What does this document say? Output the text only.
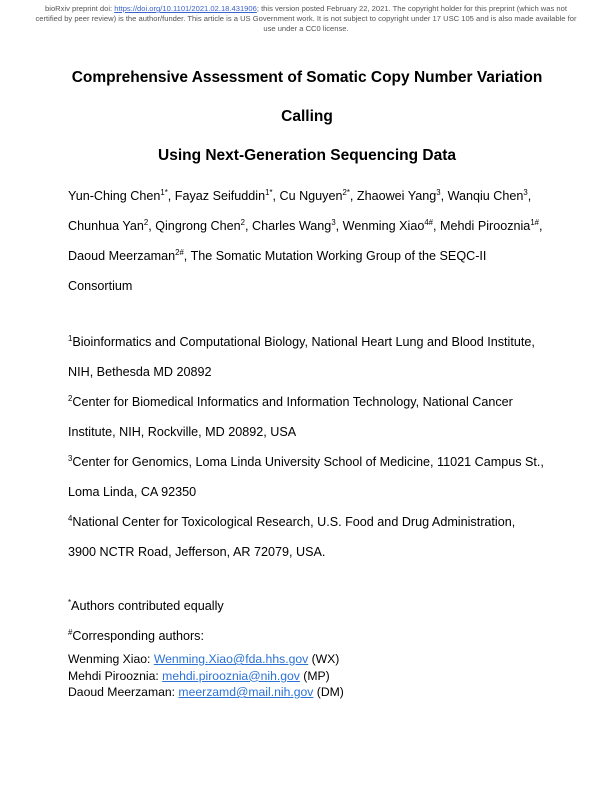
bioRxiv preprint doi: https://doi.org/10.1101/2021.02.18.431906; this version posted February 22, 2021. The copyright holder for this preprint (which was not certified by peer review) is the author/funder. This article is a US Government work. It is not subject to copyright under 17 USC 105 and is also made available for use under a CC0 license.
Comprehensive Assessment of Somatic Copy Number Variation Calling
Using Next-Generation Sequencing Data

Yun-Ching Chen$^{1*}$, Fayaz Seifuddin$^{1*}$, Cu Nguyen$^{2*}$, Zhaowei Yang$^3$, Wanqiu Chen$^3$, Chunhua Yan$^2$, Qingrong Chen$^2$, Charles Wang$^3$, Wenming Xiao$^{4\#}$, Mehdi Pirooznia$^{1\#}$, Daoud Meerzaman$^{2\#}$, The Somatic Mutation Working Group of the SEQC-II Consortium

$^1$Bioinformatics and Computational Biology, National Heart Lung and Blood Institute, NIH, Bethesda MD 20892

$^2$Center for Biomedical Informatics and Information Technology, National Cancer Institute, NIH, Rockville, MD 20892, USA

$^3$Center for Genomics, Loma Linda University School of Medicine, 11021 Campus St., Loma Linda, CA 92350

$^4$National Center for Toxicological Research, U.S. Food and Drug Administration, 3900 NCTR Road, Jefferson, AR 72079, USA.

*Authors contributed equally

#Corresponding authors:

Wenming Xiao: Wenming.Xiao@fda.hhs.gov (WX)
Mehdi Pirooznia: mehdi.pirooznia@nih.gov (MP)
Daoud Meerzaman: meerzamd@mail.nih.gov (DM)
